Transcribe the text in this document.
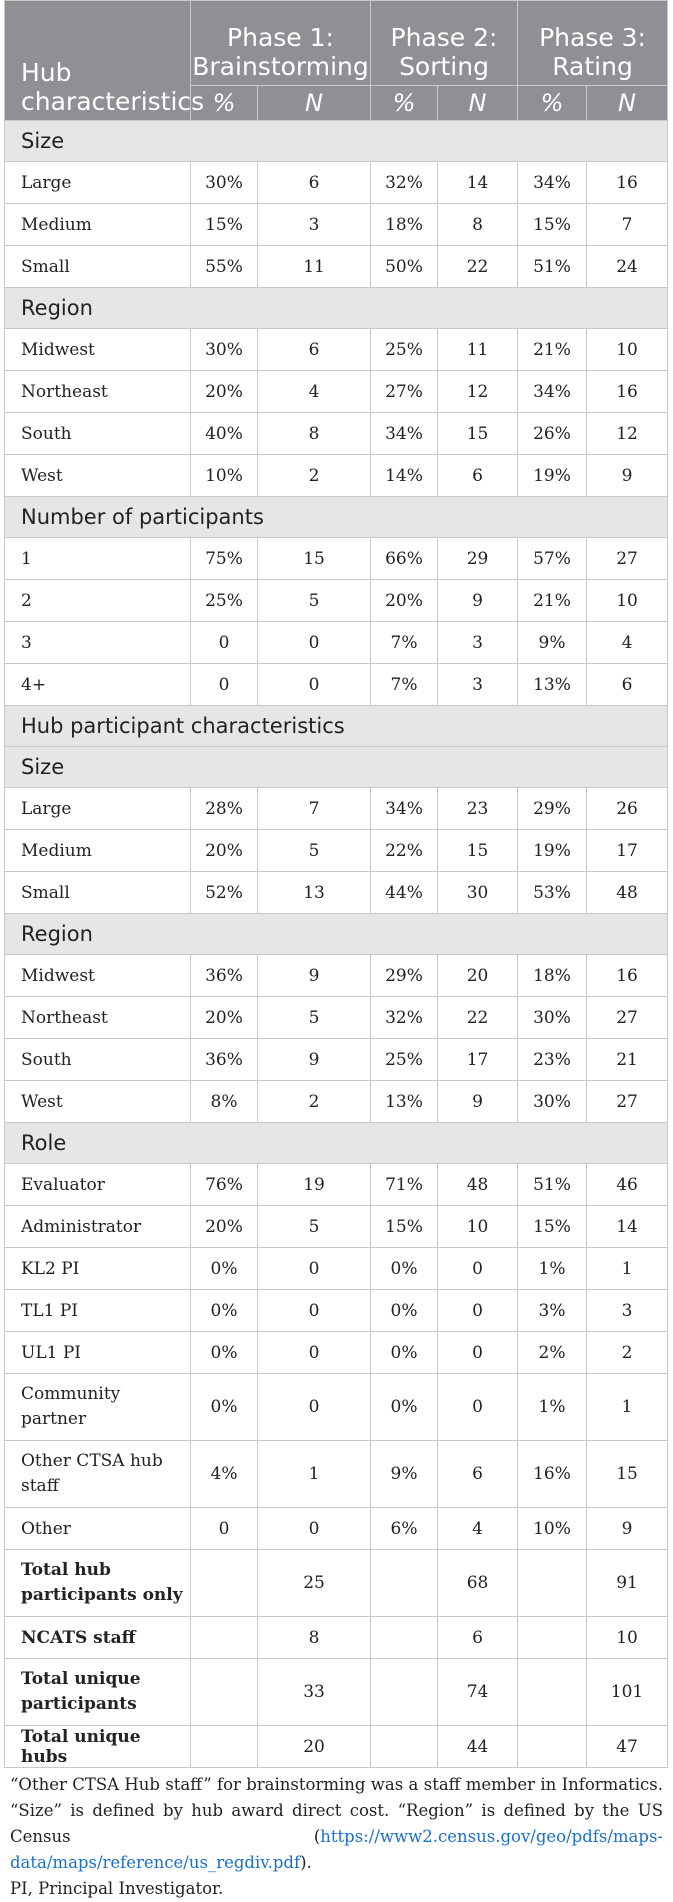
Hub characteristics	Phase 1: Brainstorming		Phase 2: Sorting		Phase 3: Rating	
	%	N	%	N	%	N
Size						
Large	30%	6	32%	14	34%	16
Medium	15%	3	18%	8	15%	7
Small	55%	11	50%	22	51%	24
Region						
Midwest	30%	6	25%	11	21%	10
Northeast	20%	4	27%	12	34%	16
South	40%	8	34%	15	26%	12
West	10%	2	14%	6	19%	9
Number of participants						
1	75%	15	66%	29	57%	27
2	25%	5	20%	9	21%	10
3	0	0	7%	3	9%	4
4+	0	0	7%	3	13%	6
Hub participant characteristics						
Size						
Large	28%	7	34%	23	29%	26
Medium	20%	5	22%	15	19%	17
Small	52%	13	44%	30	53%	48
Region						
Midwest	36%	9	29%	20	18%	16
Northeast	20%	5	32%	22	30%	27
South	36%	9	25%	17	23%	21
West	8%	2	13%	9	30%	27
Role						
Evaluator	76%	19	71%	48	51%	46
Administrator	20%	5	15%	10	15%	14
KL2 PI	0%	0	0%	0	1%	1
TL1 PI	0%	0	0%	0	3%	3
UL1 PI	0%	0	0%	0	2%	2
Community partner	0%	0	0%	0	1%	1
Other CTSA hub staff	4%	1	9%	6	16%	15
Other	0	0	6%	4	10%	9
Total hub participants only		25		68		91
NCATS staff		8		6		10
Total unique participants		33		74		101
Total unique hubs		20		44		47

“Other CTSA Hub staff” for brainstorming was a staff member in Informatics. “Size” is defined by hub award direct cost. “Region” is defined by the US Census (https://www2.census.gov/geo/pdfs/maps-data/maps/reference/us_regdiv.pdf).

PI, Principal Investigator.
